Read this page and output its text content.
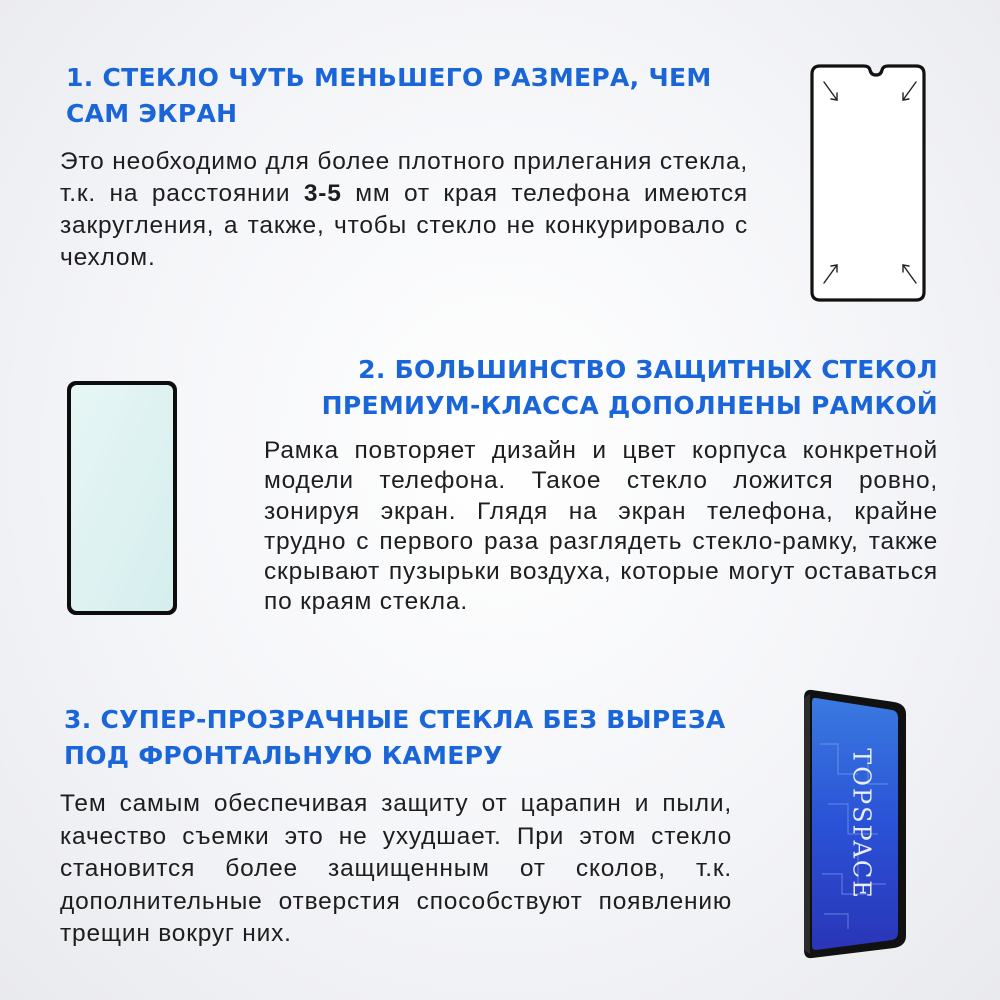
1. СТЕКЛО ЧУТЬ МЕНЬШЕГО РАЗМЕРА, ЧЕМ САМ ЭКРАН

Это необходимо для более плотного прилегания стекла, т.к. на расстоянии 3-5 мм от края телефона имеются закругления, а также, чтобы стекло не конкурировало с чехлом.

2. БОЛЬШИНСТВО ЗАЩИТНЫХ СТЕКОЛ ПРЕМИУМ-КЛАССА ДОПОЛНЕНЫ РАМКОЙ

Рамка повторяет дизайн и цвет корпуса конкретной модели телефона. Такое стекло ложится ровно, зонируя экран. Глядя на экран телефона, крайне трудно с первого раза разглядеть стекло-рамку, также скрывают пузырьки воздуха, которые могут оставаться по краям стекла.

3. СУПЕР-ПРОЗРАЧНЫЕ СТЕКЛА БЕЗ ВЫРЕЗА ПОД ФРОНТАЛЬНУЮ КАМЕРУ

Тем самым обеспечивая защиту от царапин и пыли, качество съемки это не ухудшает. При этом стекло становится более защищенным от сколов, т.к. дополнительные отверстия способствуют появлению трещин вокруг них.

TOPSPACE
